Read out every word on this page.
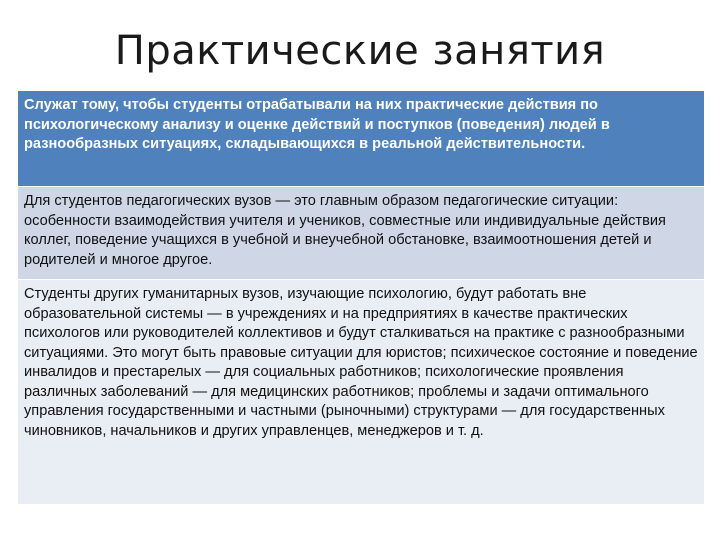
Практические занятия
Служат тому, чтобы студенты отрабатывали на них практические действия по психологическому анализу и оценке действий и поступков (поведения) людей в разнообразных ситуациях, складывающихся в реальной действительности.
Для студентов педагогических вузов — это главным образом педагогические ситуации: особенности взаимодействия учителя и учеников, совместные или индивидуальные действия коллег, поведение учащихся в учебной и внеучебной обстановке, взаимоотношения детей и родителей и многое другое.
Студенты других гуманитарных вузов, изучающие психологию, будут работать вне образовательной системы — в учреждениях и на предприятиях в качестве практических психологов или руководителей коллективов и будут сталкиваться на практике с разнообразными ситуациями. Это могут быть правовые ситуации для юристов; психическое состояние и поведение инвалидов и престарелых — для социальных работников; психологические проявления различных заболеваний — для медицинских работников; проблемы и задачи оптимального управления государственными и частными (рыночными) структурами — для государственных чиновников, начальников и других управленцев, менеджеров и т. д.
